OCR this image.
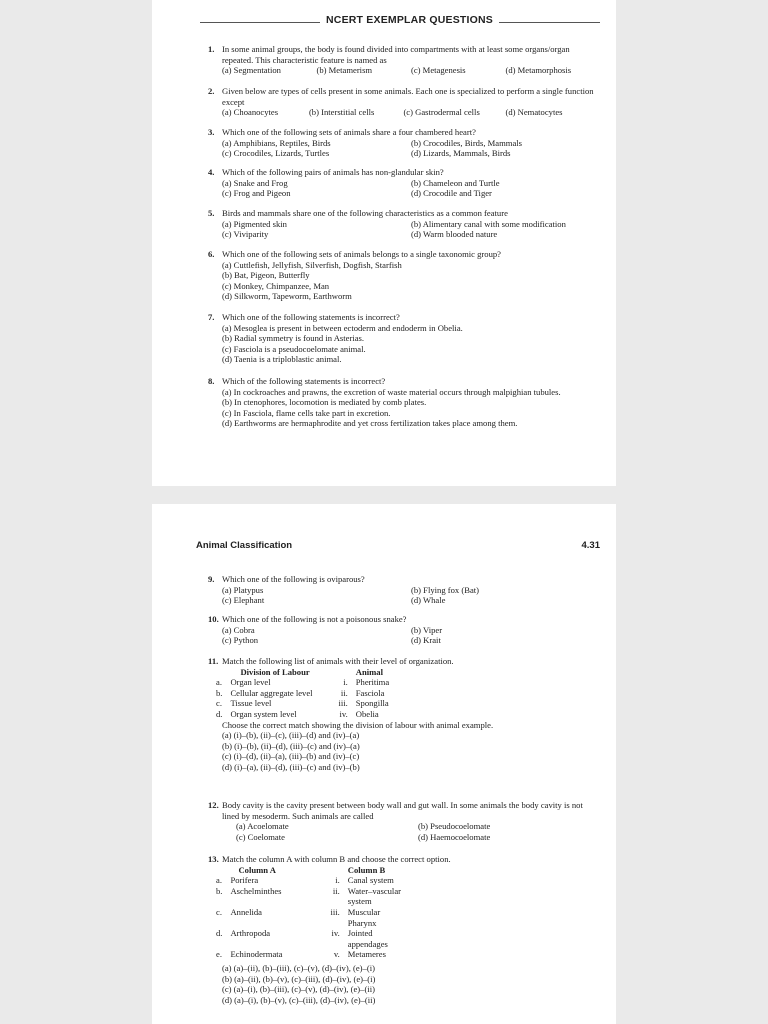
NCERT EXEMPLAR QUESTIONS
1. In some animal groups, the body is found divided into compartments with at least some organs/organ repeated. This characteristic feature is named as
(a) Segmentation	(b) Metamerism	(c) Metagenesis	(d) Metamorphosis
2. Given below are types of cells present in some animals. Each one is specialized to perform a single function except
(a) Choanocytes	(b) Interstitial cells	(c) Gastrodermal cells	(d) Nematocytes
3. Which one of the following sets of animals share a four chambered heart?
(a) Amphibians, Reptiles, Birds	(b) Crocodiles, Birds, Mammals
(c) Crocodiles, Lizards, Turtles	(d) Lizards, Mammals, Birds
4. Which of the following pairs of animals has non-glandular skin?
(a) Snake and Frog	(b) Chameleon and Turtle
(c) Frog and Pigeon	(d) Crocodile and Tiger
5. Birds and mammals share one of the following characteristics as a common feature
(a) Pigmented skin	(b) Alimentary canal with some modification
(c) Viviparity	(d) Warm blooded nature
6. Which one of the following sets of animals belongs to a single taxonomic group?
(a) Cuttlefish, Jellyfish, Silverfish, Dogfish, Starfish
(b) Bat, Pigeon, Butterfly
(c) Monkey, Chimpanzee, Man
(d) Silkworm, Tapeworm, Earthworm
7. Which one of the following statements is incorrect?
(a) Mesoglea is present in between ectoderm and endoderm in Obelia.
(b) Radial symmetry is found in Asterias.
(c) Fasciola is a pseudocoelomate animal.
(d) Taenia is a triploblastic animal.
8. Which of the following statements is incorrect?
(a) In cockroaches and prawns, the excretion of waste material occurs through malpighian tubules.
(b) In ctenophores, locomotion is mediated by comb plates.
(c) In Fasciola, flame cells take part in excretion.
(d) Earthworms are hermaphrodite and yet cross fertilization takes place among them.
Animal Classification	4.31
9. Which one of the following is oviparous?
(a) Platypus	(b) Flying fox (Bat)
(c) Elephant	(d) Whale
10. Which one of the following is not a poisonous snake?
(a) Cobra	(b) Viper
(c) Python	(d) Krait
11. Match the following list of animals with their level of organization.
	Division of Labour		Animal
a.	Organ level	i.	Pheritima
b.	Cellular aggregate level	ii.	Fasciola
c.	Tissue level	iii.	Spongilla
d.	Organ system level	iv.	Obelia
Choose the correct match showing the division of labour with animal example.
(a) (i)–(b), (ii)–(c), (iii)–(d) and (iv)–(a)
(b) (i)–(b), (ii)–(d), (iii)–(c) and (iv)–(a)
(c) (i)–(d), (ii)–(a), (iii)–(b) and (iv)–(c)
(d) (i)–(a), (ii)–(d), (iii)–(c) and (iv)–(b)
12. Body cavity is the cavity present between body wall and gut wall. In some animals the body cavity is not lined by mesoderm. Such animals are called
(a) Acoelomate	(b) Pseudocoelomate
(c) Coelomate	(d) Haemocoelomate
13. Match the column A with column B and choose the correct option.
	Column A		Column B
a.	Porifera	i.	Canal system
b.	Aschelminthes	ii.	Water–vascular system
c.	Annelida	iii.	Muscular Pharynx
d.	Arthropoda	iv.	Jointed appendages
e.	Echinodermata	v.	Metameres
(a) (a)–(ii), (b)–(iii), (c)–(v), (d)–(iv), (e)–(i)
(b) (a)–(ii), (b)–(v), (c)–(iii), (d)–(iv), (e)–(i)
(c) (a)–(i), (b)–(iii), (c)–(v), (d)–(iv), (e)–(ii)
(d) (a)–(i), (b)–(v), (c)–(iii), (d)–(iv), (e)–(ii)
